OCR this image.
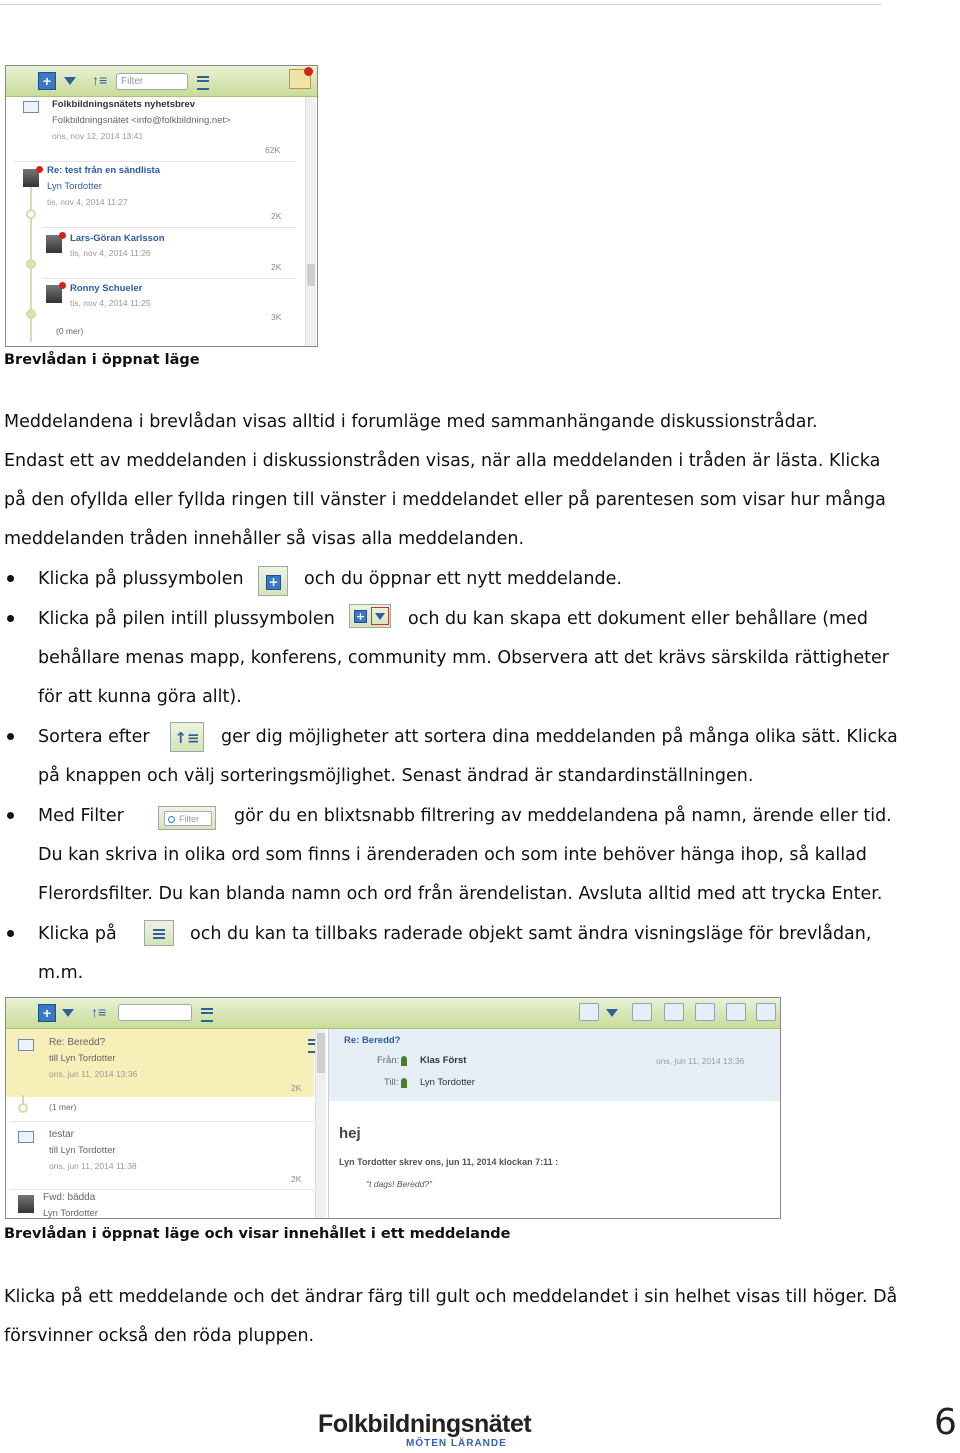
+	↑≡	Filter
Folkbildningsnätets nyhetsbrev
Folkbildningsnätet <info@folkbildning.net>
ons, nov 12, 2014 13:41
62K
Re: test från en sändlista
Lyn Tordotter
tis, nov 4, 2014 11:27
2K
Lars-Göran Karlsson
tis, nov 4, 2014 11:26
2K
Ronny Schueler
tis, nov 4, 2014 11:25
3K
(0 mer)
Brevlådan i öppnat läge
Meddelandena i brevlådan visas alltid i forumläge med sammanhängande diskussionstrådar.
Endast ett av meddelanden i diskussionstråden visas, när alla meddelanden i tråden är lästa. Klicka
på den ofyllda eller fyllda ringen till vänster i meddelandet eller på parentesen som visar hur många
meddelanden tråden innehåller så visas alla meddelanden.
Klicka på plussymbolen + och du öppnar ett nytt meddelande.
Klicka på pilen intill plussymbolen + och du kan skapa ett dokument eller behållare (med
behållare menas mapp, konferens, community mm. Observera att det krävs särskilda rättigheter
för att kunna göra allt).
Sortera efter ↑≡ ger dig möjligheter att sortera dina meddelanden på många olika sätt. Klicka
på knappen och välj sorteringsmöjlighet. Senast ändrad är standardinställningen.
Med Filter	Filter	gör du en blixtsnabb filtrering av meddelandena på namn, ärende eller tid.
Du kan skriva in olika ord som finns i ärenderaden och som inte behöver hänga ihop, så kallad
Flerordsfilter. Du kan blanda namn och ord från ärendelistan. Avsluta alltid med att trycka Enter.
Klicka på	och du kan ta tillbaks raderade objekt samt ändra visningsläge för brevlådan,
m.m.
+	↑≡
Re: Beredd?
till Lyn Tordotter
ons, jun 11, 2014 13:36
2K
(1 mer)
testar
till Lyn Tordotter
ons, jun 11, 2014 11:38
2K
Fwd: bädda
Lyn Tordotter
Re: Beredd?
Från: Klas Först	ons, jun 11, 2014 13:36
Till: Lyn Tordotter
hej
Lyn Tordotter skrev ons, jun 11, 2014 klockan 7:11 :
"t dags! Beredd?"
Brevlådan i öppnat läge och visar innehållet i ett meddelande
Klicka på ett meddelande och det ändrar färg till gult och meddelandet i sin helhet visas till höger. Då
försvinner också den röda pluppen.
Folkbildningsnätet
MÖTEN LÄRANDE
6
